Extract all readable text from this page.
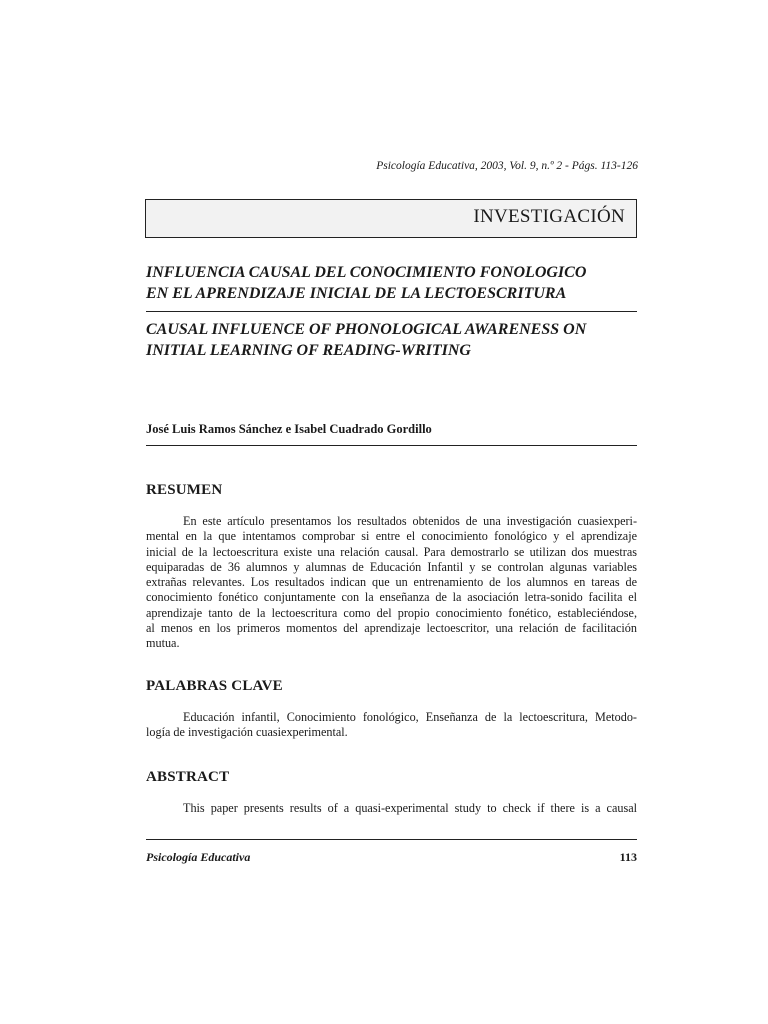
Psicología Educativa, 2003, Vol. 9, n.º 2 - Págs. 113-126
INVESTIGACIÓN
INFLUENCIA CAUSAL DEL CONOCIMIENTO FONOLOGICO
EN EL APRENDIZAJE INICIAL DE LA LECTOESCRITURA
CAUSAL INFLUENCE OF PHONOLOGICAL AWARENESS ON
INITIAL LEARNING OF READING-WRITING
José Luis Ramos Sánchez e Isabel Cuadrado Gordillo
RESUMEN
En este artículo presentamos los resultados obtenidos de una investigación cuasiexperi-
mental en la que intentamos comprobar si entre el conocimiento fonológico y el aprendizaje
inicial de la lectoescritura existe una relación causal. Para demostrarlo se utilizan dos muestras
equiparadas de 36 alumnos y alumnas de Educación Infantil y se controlan algunas variables
extrañas relevantes. Los resultados indican que un entrenamiento de los alumnos en tareas de
conocimiento fonético conjuntamente con la enseñanza de la asociación letra-sonido facilita el
aprendizaje tanto de la lectoescritura como del propio conocimiento fonético, estableciéndose,
al menos en los primeros momentos del aprendizaje lectoescritor, una relación de facilitación
mutua.
PALABRAS CLAVE
Educación infantil, Conocimiento fonológico, Enseñanza de la lectoescritura, Metodo-
logía de investigación cuasiexperimental.
ABSTRACT
This paper presents results of a quasi-experimental study to check if there is a causal
Psicología Educativa	113
